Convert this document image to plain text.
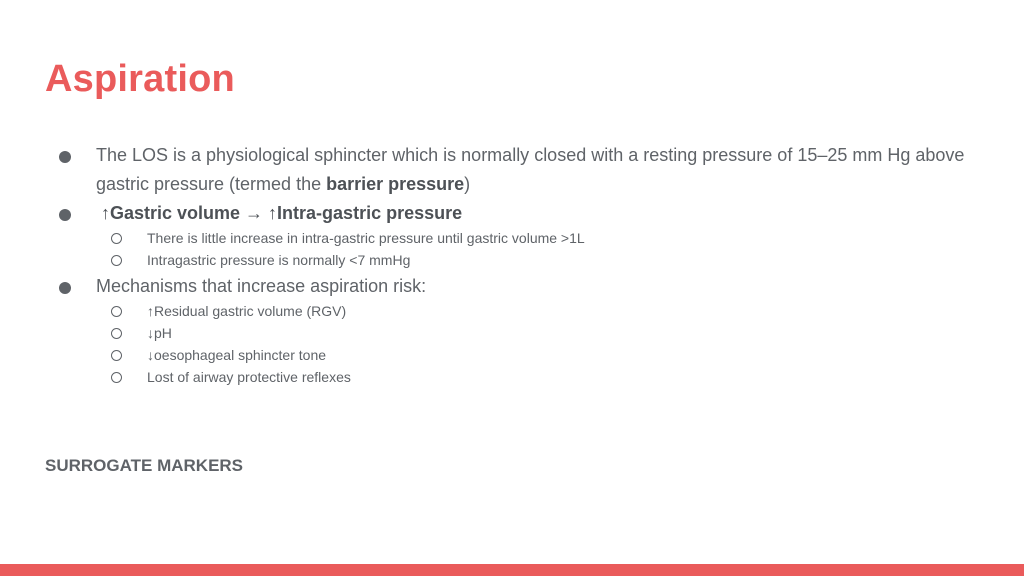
Aspiration
The LOS is a physiological sphincter which is normally closed with a resting pressure of 15–25 mm Hg above gastric pressure (termed the barrier pressure)
↑Gastric volume → ↑Intra-gastric pressure
There is little increase in intra-gastric pressure until gastric volume >1L
Intragastric pressure is normally <7 mmHg
Mechanisms that increase aspiration risk:
↑Residual gastric volume (RGV)
↓pH
↓oesophageal sphincter tone
Lost of airway protective reflexes
SURROGATE MARKERS
